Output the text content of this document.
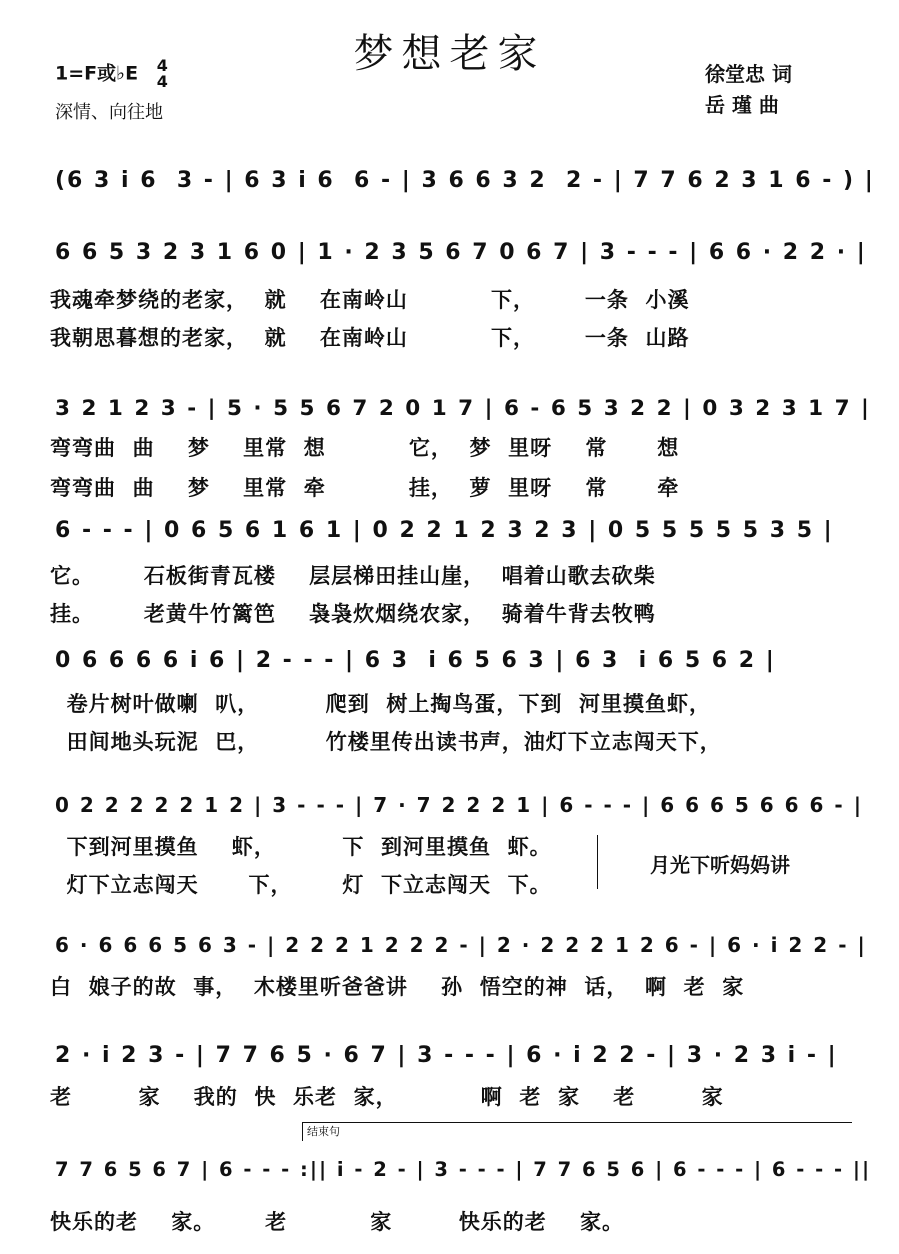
1=F或♭E 4
4
深情、向往地
梦想老家	徐堂忠 词
岳 瑾 曲
(6 3 i 6  3 - | 6 3 i 6  6 - | 3 6 6 3 2  2 - | 7 7 6 2 3 1 6 - ) |
6 6 5 3 2 3 1 6 0 | 1 · 2 3 5 6 7 0 6 7 | 3 - - - | 6 6 · 2 2 · |
我魂牵梦绕的老家，  就    在南岭山          下，      一条  小溪
我朝思暮想的老家，  就    在南岭山          下，      一条  山路
3 2 1 2 3 - | 5 · 5 5 6 7 2 0 1 7 | 6 - 6 5 3 2 2 | 0 3 2 3 1 7 |
弯弯曲  曲    梦    里常  想          它，  梦  里呀    常      想
弯弯曲  曲    梦    里常  牵          挂，  萝  里呀    常      牵
6 - - - | 0 6 5 6 1 6 1 | 0 2 2 1 2 3 2 3 | 0 5 5 5 5 5 3 5 |
它。      石板街青瓦楼    层层梯田挂山崖，  唱着山歌去砍柴
挂。      老黄牛竹篱笆    袅袅炊烟绕农家，  骑着牛背去牧鸭
0 6 6 6 6 i 6 | 2 - - - | 6 3  i 6 5 6 3 | 6 3  i 6 5 6 2 |
卷片树叶做喇  叭，        爬到  树上掏鸟蛋，下到  河里摸鱼虾，
田间地头玩泥  巴，        竹楼里传出读书声，油灯下立志闯天下，
0 2 2 2 2 2 1 2 | 3 - - - | 7 · 7 2 2 2 1 | 6 - - - | 6 6 6 5 6 6 6 - |
下到河里摸鱼    虾，        下  到河里摸鱼  虾。
灯下立志闯天      下，      灯  下立志闯天  下。
月光下听妈妈讲
6 · 6 6 6 5 6 3 - | 2 2 2 1 2 2 2 - | 2 · 2 2 2 1 2 6 - | 6 · i 2 2 - |
白  娘子的故  事，  木楼里听爸爸讲    孙  悟空的神  话，  啊  老  家
2 · i 2 3 - | 7 7 6 5 · 6 7 | 3 - - - | 6 · i 2 2 - | 3 · 2 3 i - |
老        家    我的  快  乐老  家，          啊  老  家    老        家
结束句
7 7 6 5 6 7 | 6 - - - :|| i - 2 - | 3 - - - | 7 7 6 5 6 | 6 - - - | 6 - - - ||
快乐的老    家。      老          家        快乐的老    家。
